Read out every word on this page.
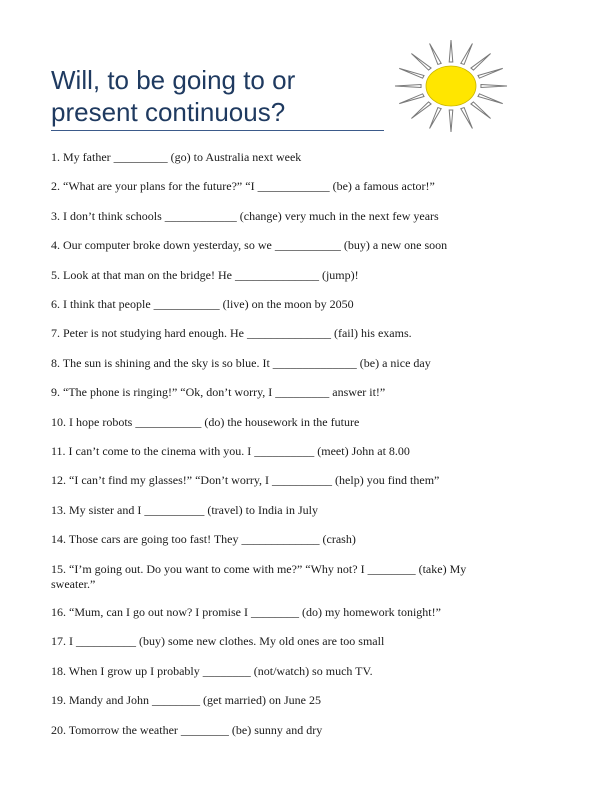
Will, to be going to or
present continuous?
1. My father _________ (go) to Australia next week
2. “What are your plans for the future?” “I ____________ (be) a famous actor!”
3. I don’t think schools ____________ (change) very much in the next few years
4. Our computer broke down yesterday, so we ___________ (buy) a new one soon
5. Look at that man on the bridge! He ______________ (jump)!
6. I think that people ___________ (live) on the moon by 2050
7. Peter is not studying hard enough. He ______________ (fail) his exams.
8. The sun is shining and the sky is so blue. It ______________ (be) a nice day
9. “The phone is ringing!” “Ok, don’t worry, I _________ answer it!”
10. I hope robots ___________ (do) the housework in the future
11. I can’t come to the cinema with you. I __________ (meet) John at 8.00
12. “I can’t find my glasses!” “Don’t worry, I __________ (help) you find them”
13. My sister and I __________ (travel) to India in July
14. Those cars are going too fast! They _____________ (crash)
15. “I’m going out. Do you want to come with me?” “Why not? I ________ (take) My sweater.”
16. “Mum, can I go out now? I promise I ________ (do) my homework tonight!”
17. I __________ (buy) some new clothes. My old ones are too small
18. When I grow up I probably ________ (not/watch) so much TV.
19. Mandy and John ________ (get married) on June 25
20. Tomorrow the weather ________ (be) sunny and dry
